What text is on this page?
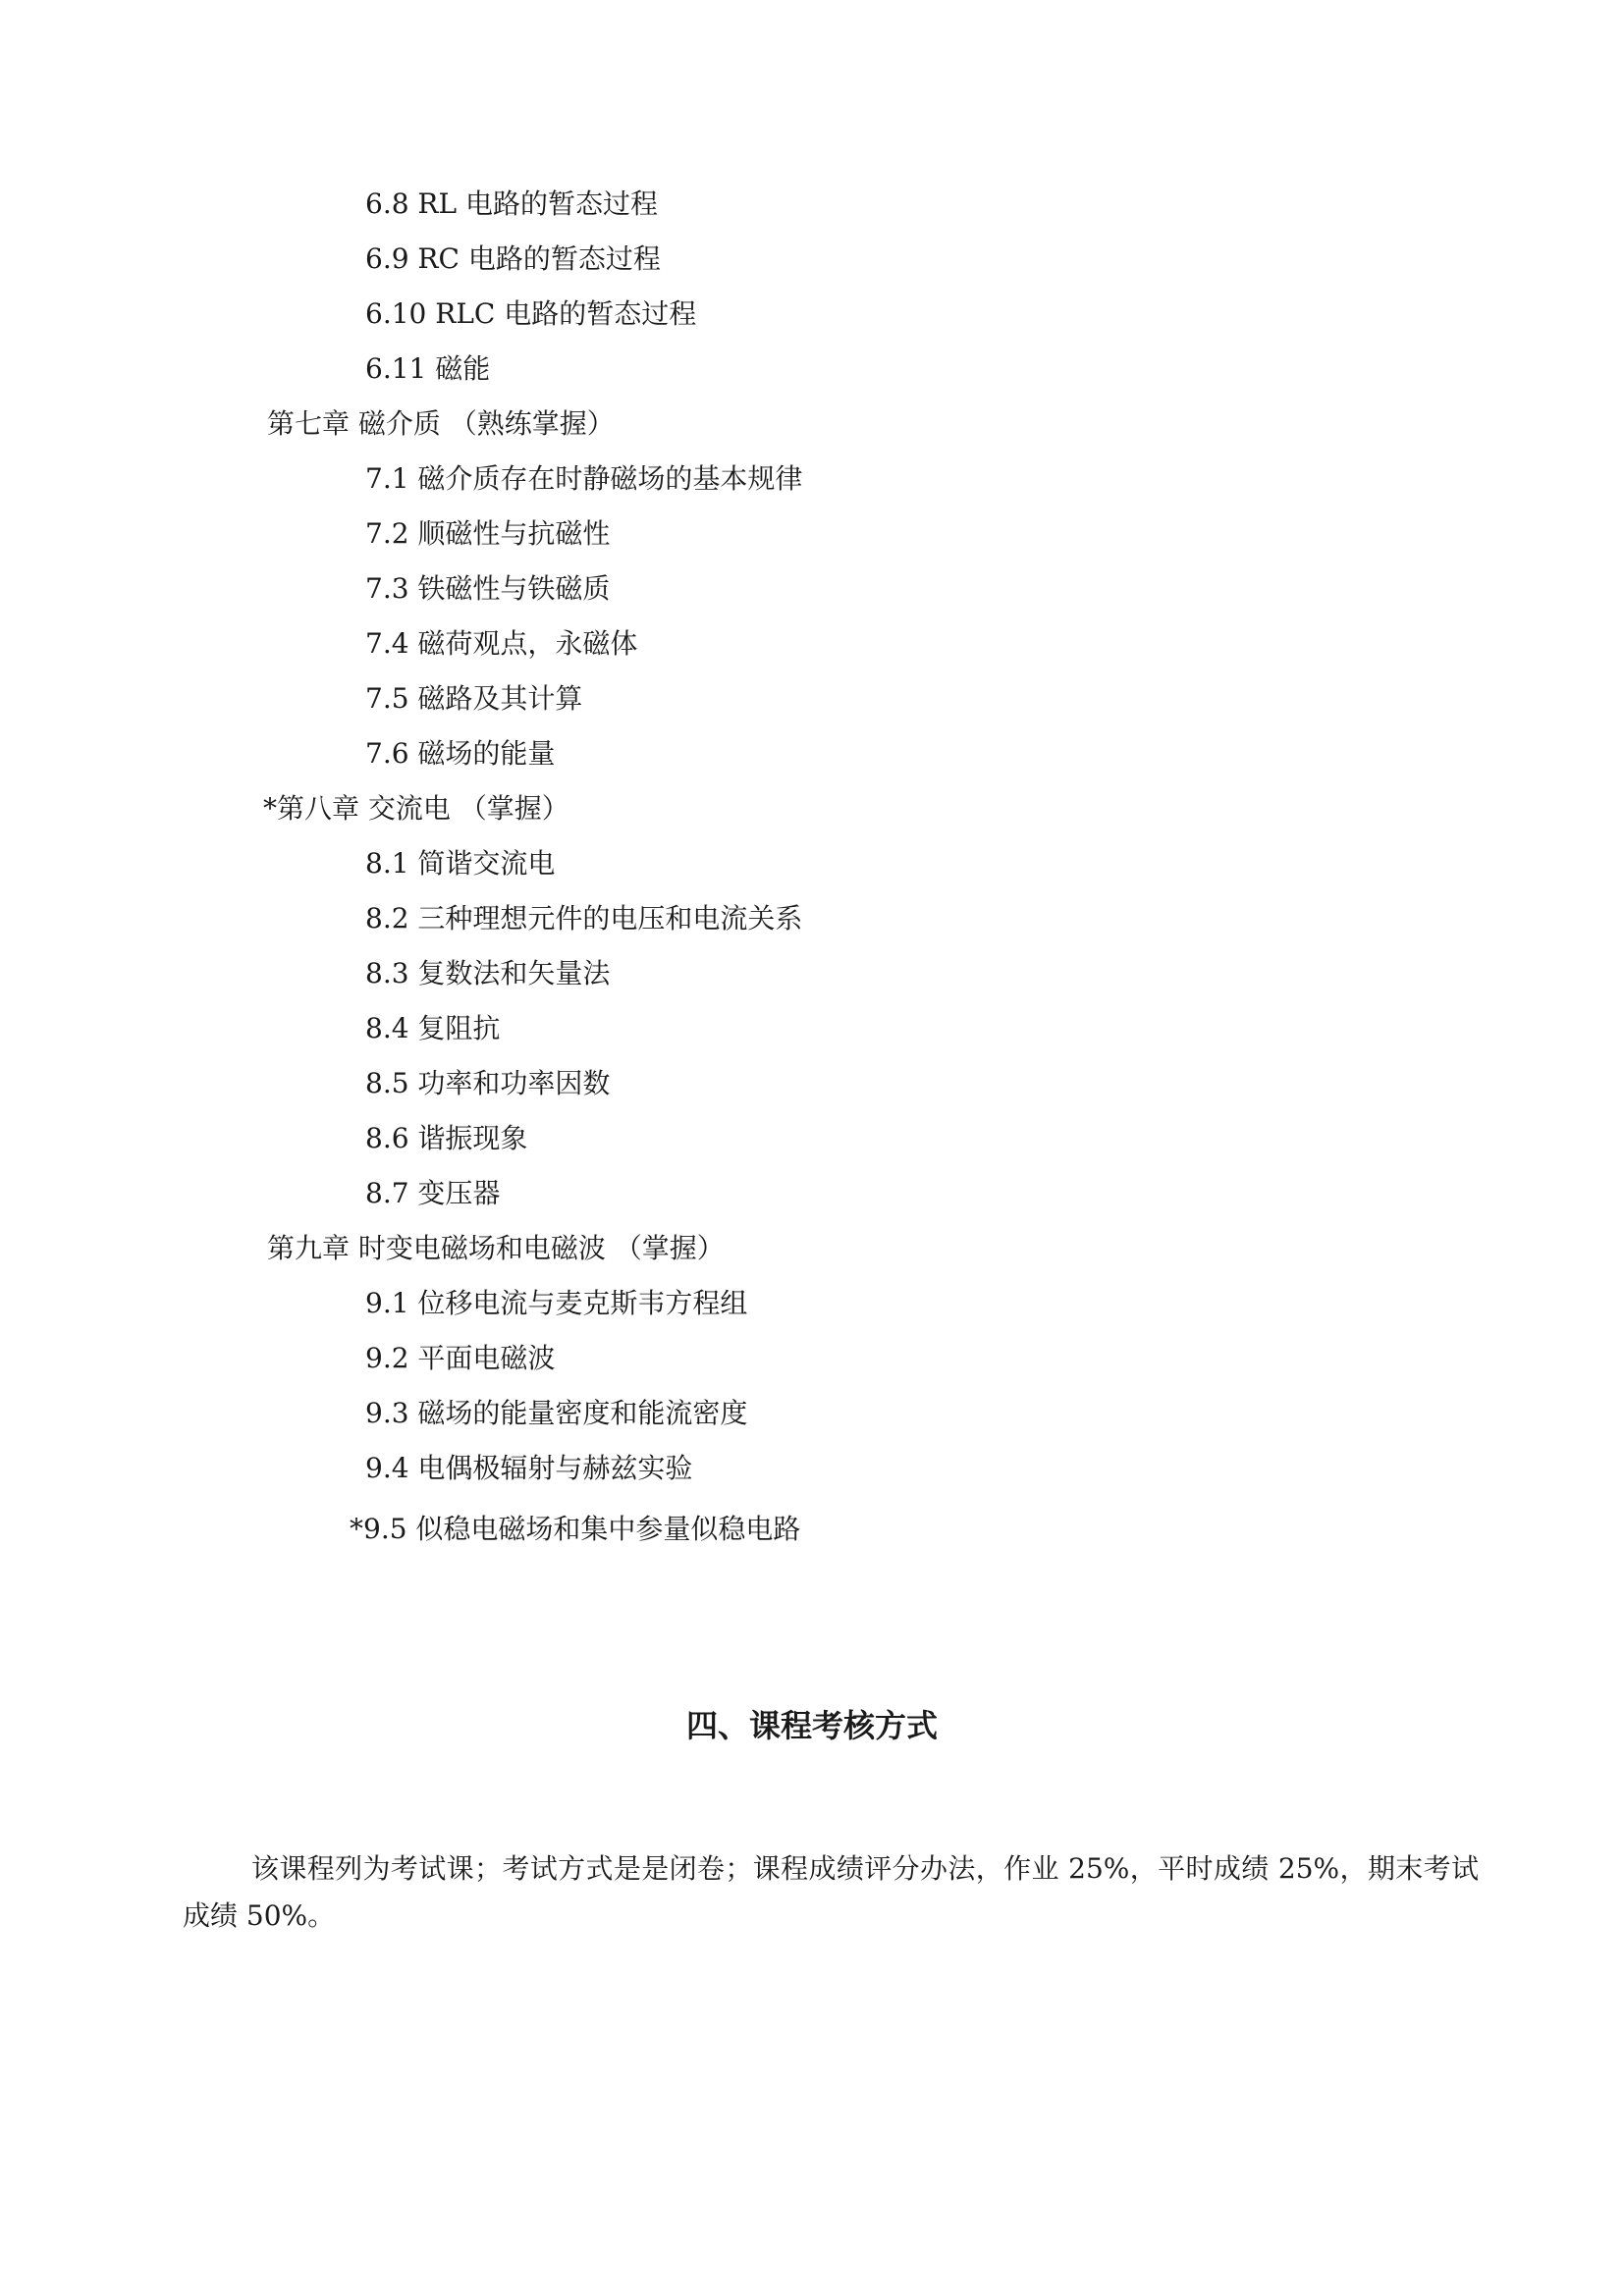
6.8 RL 电路的暂态过程
6.9 RC 电路的暂态过程
6.10 RLC 电路的暂态过程
6.11 磁能
第七章 磁介质 （熟练掌握）
7.1 磁介质存在时静磁场的基本规律
7.2 顺磁性与抗磁性
7.3 铁磁性与铁磁质
7.4 磁荷观点，永磁体
7.5 磁路及其计算
7.6 磁场的能量
*第八章 交流电 （掌握）
8.1 简谐交流电
8.2 三种理想元件的电压和电流关系
8.3 复数法和矢量法
8.4 复阻抗
8.5 功率和功率因数
8.6 谐振现象
8.7 变压器
第九章 时变电磁场和电磁波 （掌握）
9.1 位移电流与麦克斯韦方程组
9.2 平面电磁波
9.3 磁场的能量密度和能流密度
9.4 电偶极辐射与赫兹实验
*9.5 似稳电磁场和集中参量似稳电路
四、课程考核方式

该课程列为考试课；考试方式是是闭卷；课程成绩评分办法，作业 25%，平时成绩 25%，期末考试成绩 50%。
